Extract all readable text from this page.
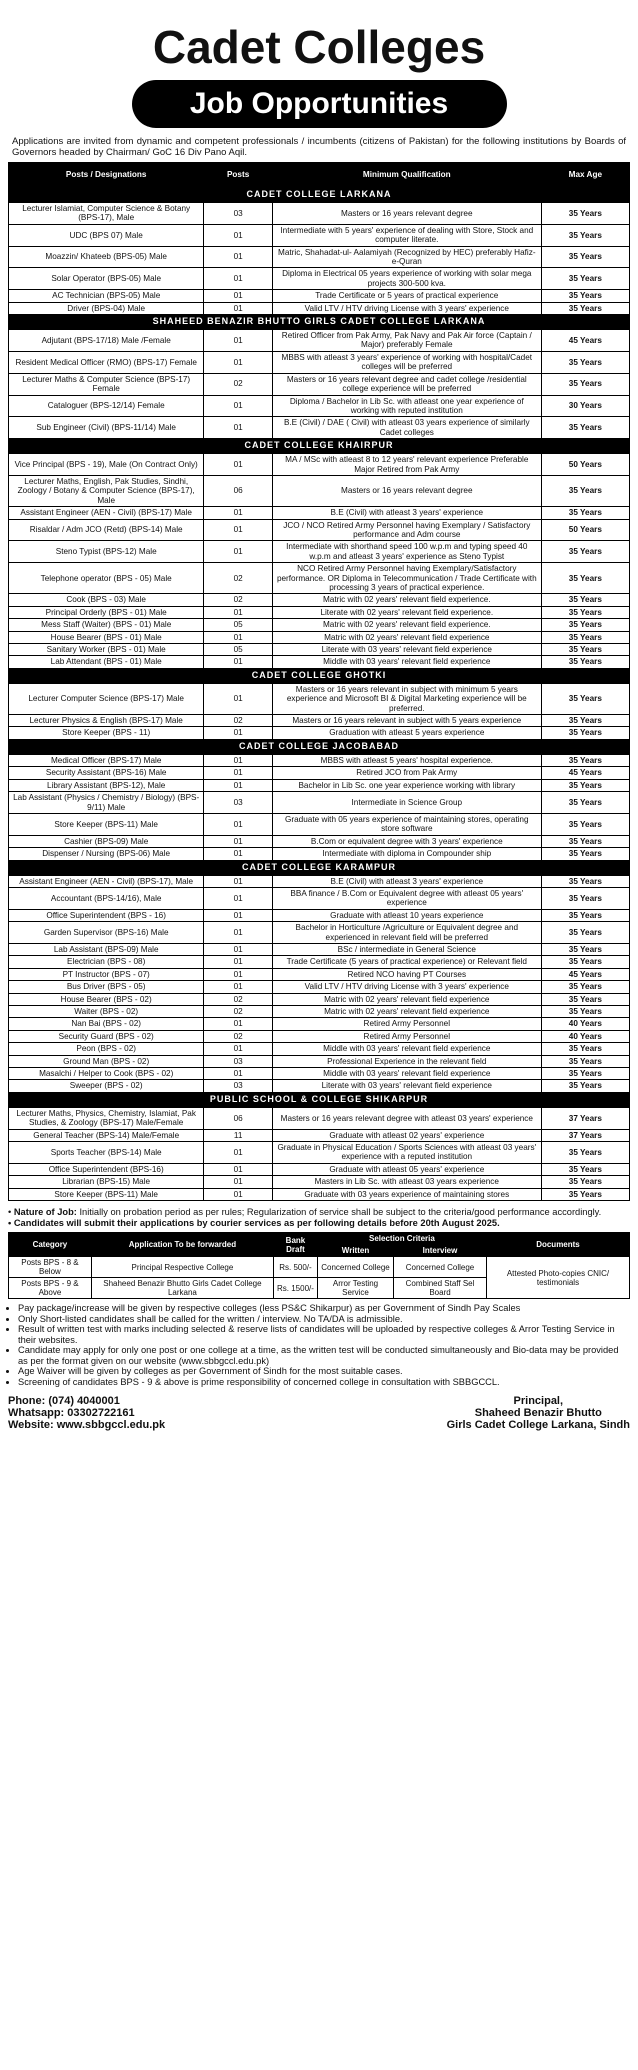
Cadet Colleges
Job Opportunities
Applications are invited from dynamic and competent professionals / incumbents (citizens of Pakistan) for the following institutions by Boards of Governors headed by Chairman/ GoC 16 Div Pano Aqil.
Posts / Designations	Posts	Minimum Qualification	Max Age
CADET COLLEGE LARKANA			
Lecturer Islamiat, Computer Science & Botany (BPS-17), Male	03	Masters or 16 years relevant degree	35 Years
UDC (BPS 07) Male	01	Intermediate with 5 years' experience of dealing with Store, Stock and computer literate.	35 Years
Moazzin/ Khateeb (BPS-05) Male	01	Matric, Shahadat-ul- Aalamiyah (Recognized by HEC) preferably Hafiz-e-Quran	35 Years
Solar Operator (BPS-05) Male	01	Diploma in Electrical 05 years experience of working with solar mega projects 300-500 kva.	35 Years
AC Technician (BPS-05) Male	01	Trade Certificate or 5 years of practical experience	35 Years
Driver (BPS-04) Male	01	Valid LTV / HTV driving License with 3 years' experience	35 Years
SHAHEED BENAZIR BHUTTO GIRLS CADET COLLEGE LARKANA			
Adjutant (BPS-17/18) Male /Female	01	Retired Officer from Pak Army, Pak Navy and Pak Air force (Captain / Major) preferably Female	45 Years
Resident Medical Officer (RMO) (BPS-17) Female	01	MBBS with atleast 3 years' experience of working with hospital/Cadet colleges will be preferred	35 Years
Lecturer Maths & Computer Science (BPS-17) Female	02	Masters or 16 years relevant degree and cadet college /residential college experience will be preferred	35 Years
Cataloguer (BPS-12/14) Female	01	Diploma / Bachelor in Lib Sc. with atleast one year experience of working with reputed institution	30 Years
Sub Engineer (Civil) (BPS-11/14) Male	01	B.E (Civil) / DAE ( Civil) with atleast 03 years experience of similarly Cadet colleges	35 Years
CADET COLLEGE KHAIRPUR			
Vice Principal (BPS - 19), Male (On Contract Only)	01	MA / MSc with atleast 8 to 12 years' relevant experience Preferable Major Retired from Pak Army	50 Years
Lecturer Maths, English, Pak Studies, Sindhi, Zoology / Botany & Computer Science (BPS-17), Male	06	Masters or 16 years relevant degree	35 Years
Assistant Engineer (AEN - Civil) (BPS-17) Male	01	B.E (Civil) with atleast 3 years' experience	35 Years
Risaldar / Adm JCO (Retd) (BPS-14) Male	01	JCO / NCO Retired Army Personnel having Exemplary / Satisfactory performance and Adm course	50 Years
Steno Typist (BPS-12) Male	01	Intermediate with shorthand speed 100 w.p.m and typing speed 40 w.p.m and atleast 3 years' experience as Steno Typist	35 Years
Telephone operator (BPS - 05) Male	02	NCO Retired Army Personnel having Exemplary/Satisfactory performance. OR Diploma in Telecommunication / Trade Certificate with processing 3 years of practical experience.	35 Years
Cook (BPS - 03) Male	02	Matric with 02 years' relevant field experience.	35 Years
Principal Orderly (BPS - 01) Male	01	Literate with 02 years' relevant field experience.	35 Years
Mess Staff (Waiter) (BPS - 01) Male	05	Matric with 02 years' relevant field experience.	35 Years
House Bearer (BPS - 01) Male	01	Matric with 02 years' relevant field experience	35 Years
Sanitary Worker (BPS - 01) Male	05	Literate with 03 years' relevant field experience	35 Years
Lab Attendant (BPS - 01) Male	01	Middle with 03 years' relevant field experience	35 Years
CADET COLLEGE GHOTKI			
Lecturer Computer Science (BPS-17) Male	01	Masters or 16 years relevant in subject with minimum 5 years experience and Microsoft BI & Digital Marketing experience will be preferred.	35 Years
Lecturer Physics & English (BPS-17) Male	02	Masters or 16 years relevant in subject with 5 years experience	35 Years
Store Keeper (BPS - 11)	01	Graduation with atleast 5 years experience	35 Years
CADET COLLEGE JACOBABAD			
Medical Officer (BPS-17) Male	01	MBBS with atleast 5 years' hospital experience.	35 Years
Security Assistant (BPS-16) Male	01	Retired JCO from Pak Army	45 Years
Library Assistant (BPS-12), Male	01	Bachelor in Lib Sc. one year experience working with library	35 Years
Lab Assistant (Physics / Chemistry / Biology) (BPS-9/11) Male	03	Intermediate in Science Group	35 Years
Store Keeper (BPS-11) Male	01	Graduate with 05 years experience of maintaining stores, operating store software	35 Years
Cashier (BPS-09) Male	01	B.Com or equivalent degree with 3 years' experience	35 Years
Dispenser / Nursing (BPS-06) Male	01	Intermediate with diploma in Compounder ship	35 Years
CADET COLLEGE KARAMPUR			
Assistant Engineer (AEN - Civil) (BPS-17), Male	01	B.E (Civil) with atleast 3 years' experience	35 Years
Accountant (BPS-14/16), Male	01	BBA finance / B.Com or Equivalent degree with atleast 05 years' experience	35 Years
Office Superintendent (BPS - 16)	01	Graduate with atleast 10 years experience	35 Years
Garden Supervisor (BPS-16) Male	01	Bachelor in Horticulture /Agriculture or Equivalent degree and experienced in relevant field will be preferred	35 Years
Lab Assistant (BPS-09) Male	01	BSc / intermediate in General Science	35 Years
Electrician (BPS - 08)	01	Trade Certificate (5 years of practical experience) or Relevant field	35 Years
PT Instructor (BPS - 07)	01	Retired NCO having PT Courses	45 Years
Bus Driver (BPS - 05)	01	Valid LTV / HTV driving License with 3 years' experience	35 Years
House Bearer (BPS - 02)	02	Matric with 02 years' relevant field experience	35 Years
Waiter (BPS - 02)	02	Matric with 02 years' relevant field experience	35 Years
Nan Bai (BPS - 02)	01	Retired Army Personnel	40 Years
Security Guard (BPS - 02)	02	Retired Army Personnel	40 Years
Peon (BPS - 02)	01	Middle with 03 years' relevant field experience	35 Years
Ground Man (BPS - 02)	03	Professional Experience in the relevant field	35 Years
Masalchi / Helper to Cook (BPS - 02)	01	Middle with 03 years' relevant field experience	35 Years
Sweeper (BPS - 02)	03	Literate with 03 years' relevant field experience	35 Years
PUBLIC SCHOOL & COLLEGE SHIKARPUR			
Lecturer Maths, Physics, Chemistry, Islamiat, Pak Studies, & Zoology (BPS-17) Male/Female	06	Masters or 16 years relevant degree with atleast 03 years' experience	37 Years
General Teacher (BPS-14) Male/Female	11	Graduate with atleast 02 years' experience	37 Years
Sports Teacher (BPS-14) Male	01	Graduate in Physical Education / Sports Sciences with atleast 03 years' experience with a reputed institution	35 Years
Office Superintendent (BPS-16)	01	Graduate with atleast 05 years' experience	35 Years
Librarian (BPS-15) Male	01	Masters in Lib Sc. with atleast 03 years experience	35 Years
Store Keeper (BPS-11) Male	01	Graduate with 03 years experience of maintaining stores	35 Years
• Nature of Job: Initially on probation period as per rules; Regularization of service shall be subject to the criteria/good performance accordingly.
• Candidates will submit their applications by courier services as per following details before 20th August 2025.
Category	Application To be forwarded	Bank Draft	Selection Criteria		Documents
			Written	Interview	
Posts BPS - 8 & Below	Principal Respective College	Rs. 500/-	Concerned College	Concerned College	Attested Photo-copies CNIC/ testimonials
Posts BPS - 9 & Above	Shaheed Benazir Bhutto Girls Cadet College Larkana	Rs. 1500/-	Arror Testing Service	Combined Staff Sel Board	
• Pay package/increase will be given by respective colleges (less PS&C Shikarpur) as per Government of Sindh Pay Scales
• Only Short-listed candidates shall be called for the written / interview. No TA/DA is admissible.
• Result of written test with marks including selected & reserve lists of candidates will be uploaded by respective colleges & Arror Testing Service in their websites.
• Candidate may apply for only one post or one college at a time, as the written test will be conducted simultaneously and Bio-data may be provided as per the format given on our website (www.sbbgccl.edu.pk)
• Age Waiver will be given by colleges as per Government of Sindh for the most suitable cases.
• Screening of candidates BPS - 9 & above is prime responsibility of concerned college in consultation with SBBGCCL.
Phone: (074) 4040001
Whatsapp: 03302722161
Website: www.sbbgccl.edu.pk
Principal,
Shaheed Benazir Bhutto
Girls Cadet College Larkana, Sindh
